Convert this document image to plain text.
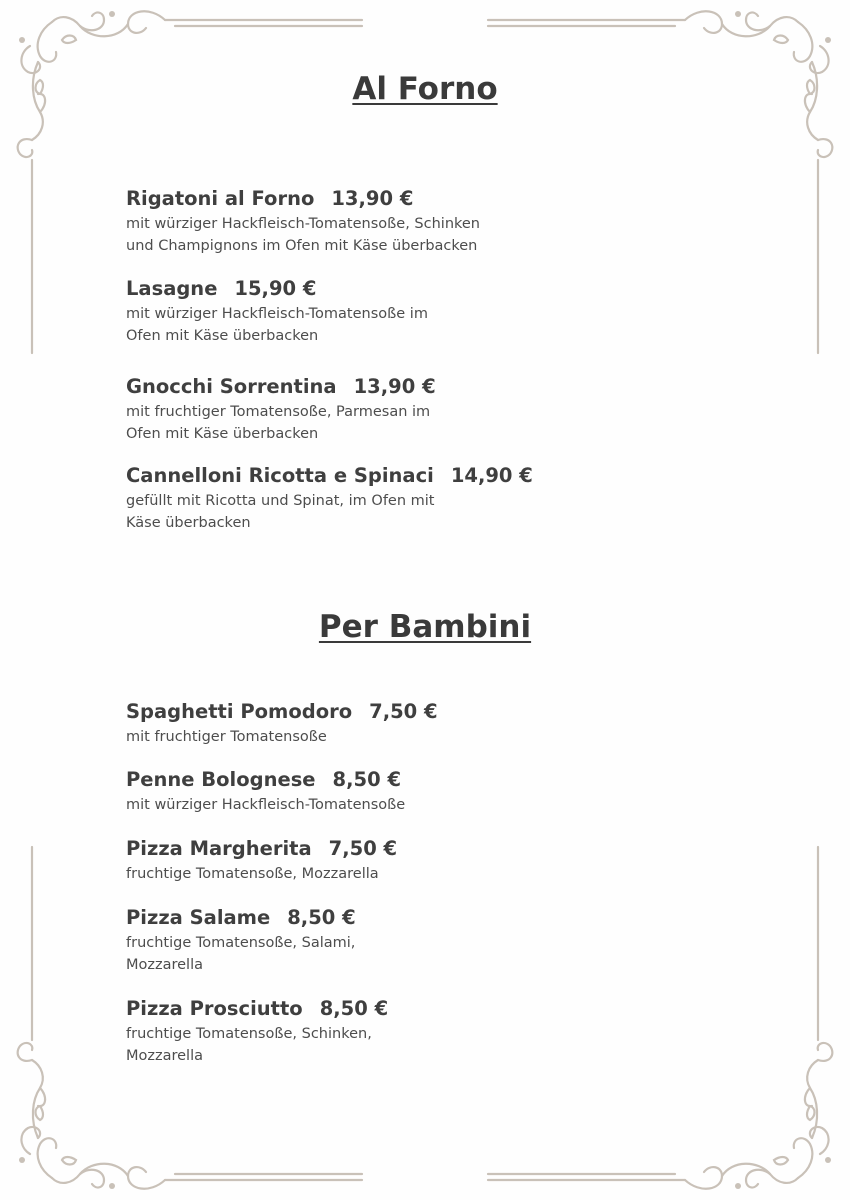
Al Forno
Rigatoni al Forno 13,90 €
mit würziger Hackfleisch-Tomatensoße, Schinken
und Champignons im Ofen mit Käse überbacken
Lasagne 15,90 €
mit würziger Hackfleisch-Tomatensoße im
Ofen mit Käse überbacken
Gnocchi Sorrentina 13,90 €
mit fruchtiger Tomatensoße, Parmesan im
Ofen mit Käse überbacken
Cannelloni Ricotta e Spinaci 14,90 €
gefüllt mit Ricotta und Spinat, im Ofen mit
Käse überbacken
Per Bambini
Spaghetti Pomodoro 7,50 €
mit fruchtiger Tomatensoße
Penne Bolognese 8,50 €
mit würziger Hackfleisch-Tomatensoße
Pizza Margherita 7,50 €
fruchtige Tomatensoße, Mozzarella
Pizza Salame 8,50 €
fruchtige Tomatensoße, Salami,
Mozzarella
Pizza Prosciutto 8,50 €
fruchtige Tomatensoße, Schinken,
Mozzarella
